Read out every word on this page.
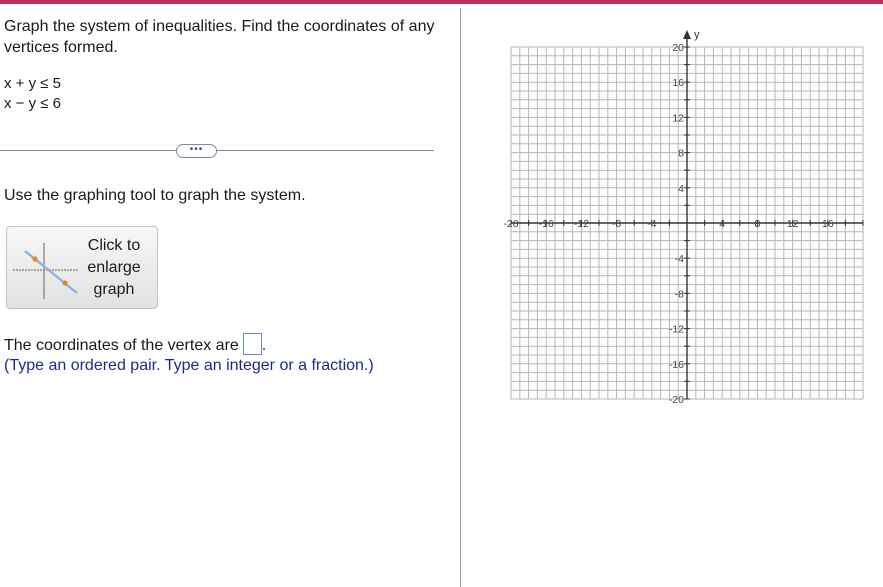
Graph the system of inequalities. Find the coordinates of any vertices formed.
x + y ≤ 5
x − y ≤ 6
•••
Use the graphing tool to graph the system.
Click to enlarge graph
The coordinates of the vertex are .
(Type an ordered pair. Type an integer or a fraction.)
y
-20 -16 -12 -8 -4	4	8	12 16
20
16
12
8
4
-4
-8
-12
-16
-20
